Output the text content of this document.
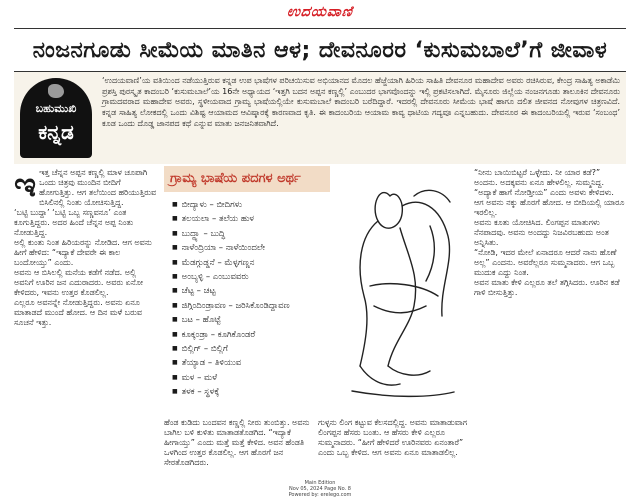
ಉದಯವಾಣಿ
ನಂಜನಗೂಡು ಸೀಮೆಯ ಮಾತಿನ ಆಳ; ದೇವನೂರರ ‘ಕುಸುಮಬಾಲೆ’ಗೆ ಜೀವಾಳ
ಬಹುಮುಖಿ
ಕನ್ನಡ
‘ಉದಯವಾಣಿ’ಯ ವತಿಯಿಂದ ನಡೆಯುತ್ತಿರುವ ಕನ್ನಡ ಉಪ ಭಾಷೆಗಳ ಪರಿಚಯಿಸುವ ಅಭಿಯಾನದ ಮೊದಲ ಹೆಜ್ಜೆಯಾಗಿ ಹಿರಿಯ ಸಾಹಿತಿ ದೇವನೂರ ಮಹಾದೇವ ಅವರು ರಚಿಸಿರುವ, ಕೇಂದ್ರ ಸಾಹಿತ್ಯ ಅಕಾಡೆಮಿ ಪ್ರಶಸ್ತಿ ಪುರಸ್ಕೃತ ಕಾದಂಬರಿ ‘ಕುಸುಮಬಾಲೆ’ಯ 16ನೇ ಅಧ್ಯಾಯದ ‘ಇತ್ತಗಿ ಬದನ ಅಪ್ಪನ ಕಣ್ಣಲ್ಲಿ’ ಎಂಬುದರ ಭಾಗವೊಂದನ್ನು ಇಲ್ಲಿ ಪ್ರಕಟಿಸಲಾಗಿದೆ. ಮೈಸೂರು ಜಿಲ್ಲೆಯ ನಂಜನಗೂಡು ತಾಲೂಕಿನ ದೇವನೂರು ಗ್ರಾಮದವರಾದ ಮಹಾದೇವ ಅವರು, ಸ್ಥಳೀಯವಾದ ಗ್ರಾಮ್ಯ ಭಾಷೆಯಲ್ಲಿಯೇ ಕುಸುಮಬಾಲೆ ಕಾದಂಬರಿ ಬರೆದಿದ್ದಾರೆ. ಇದರಲ್ಲಿ ದೇವನೂರು ಸೀಮೆಯ ಭಾಷೆ ಹಾಗೂ ದಲಿತ ಜೀವನದ ನೋವುಗಳ ಚಿತ್ರಣವಿದೆ. ಕನ್ನಡ ಸಾಹಿತ್ಯ ಲೋಕದಲ್ಲಿ ಒಂದು ವಿಶಿಷ್ಟ ಆಯಾಮದ ಆವಿಷ್ಕಾರಕ್ಕೆ ಕಾರಣವಾದ ಕೃತಿ. ಈ ಕಾದಂಬರಿಯ ಆಯಾಮ ಕಾವ್ಯ ಧಾಟಿಯ ಗದ್ಯವೂ ಎನ್ನಬಹುದು. ದೇವನೂರ ಈ ಕಾದಂಬರಿಯಲ್ಲಿ ಇರುವ ‘ಸಂಬಂಧ’ ಕೂಡ ಒಂದು ದೊಡ್ಡ ಜಾನಪದ ಕಥೆ ಎನ್ನುವ ಮಾತು ಜನಜನಿತವಾಗಿದೆ.

ಇಇತ್ತ ಚೆನ್ನನ ಅಪ್ಪನ ಕಣ್ಣಲ್ಲಿ ಮಾಳ ಚೂಪಾಗಿ ಒಂದು ಚಿತ್ರವು ಮುಂದಿನ ಬೀದಿಗೆ ಹೋಗುತ್ತಿತ್ತು. ಆಗ ತಲೆಯಿಂದ ಹರಿಯುತ್ತಿರುವ ಬಿಸಿಲಿನಲ್ಲಿ ನಿಂತು ಯೋಚಿಸುತ್ತಿದ್ದ.

‘ಬಟ್ಟಿ ಬುದ್ದಾ’ ‘ಬಟ್ಟಿ ಒಬ್ಬ ಸಣ್ಣವನೂ’ ಎಂತ ಕೂಗುತ್ತಿದ್ದರು. ಅದರ ಹಿಂದೆ ಚೆನ್ನನ ಅಪ್ಪ ನಿಂತು ನೋಡುತ್ತಿದ್ದ.

ಅಲ್ಲಿ ಕುಂತು ನಿಂತ ಹಿರಿಯರನ್ನು ನೋಡಿದ. ಆಗ ಅವನು ಹೀಗೆ ಹೇಳಿದ: “ಇದ್ಯಾಕೆ ದೇವರೇ ಈ ಕಾಲ ಬಂದೋಯ್ತು” ಎಂದು.

ಅವನು ಆ ಬಿಸಿಲಲ್ಲಿ ಮನೆಯ ಕಡೆಗೆ ನಡೆದ. ಅಲ್ಲಿ ಅವನಿಗೆ ಊರಿನ ಜನ ಎದುರಾದರು. ಅವರು ಏನೋ ಕೇಳಿದರು, ಇವನು ಉತ್ತರ ಕೊಡಲಿಲ್ಲ.

ಎಲ್ಲರೂ ಅವನನ್ನೇ ನೋಡುತ್ತಿದ್ದರು. ಅವನು ಏನೂ ಮಾತಾಡದೆ ಮುಂದೆ ಹೋದ. ಆ ದಿನ ಮಳೆ ಬರುವ ಸೂಚನೆ ಇತ್ತು.

ಗ್ರಾಮ್ಯ ಭಾಷೆಯ ಪದಗಳ ಅರ್ಥ
■ ಬೀದ್ಯಾಳು – ಬೀದಿಗಳು
■ ತಲಯಲಾ – ತಲೆಯ ಹುಳ
■ ಬುದ್ಧ್ಯಾ – ಬುದ್ಧಿ
■ ನಾಳೆಂದ್ರಿಯಾ – ನಾಳೆಯಿಂದಲೇ
■ ಮೆಡಗ್ಗುಡ್ಡನೆ – ಮೆಳ್ಳಗಣ್ಣನ
■ ಅಂಬ್ಯಳ್ಳಿ – ಎಂಬುವವರು
■ ಚೆಟ್ಟ – ಚಟ್ಟ
■ ಜಿಗ್ಗಿಂದಿಂಡ್ರಾವಣ – ಜರಿಸಿಕೊಂಡಿದ್ದಾವಣ
■ ಬಟ – ಹೊಟ್ಟೆ
■ ಕೂಕ್ಕಂಡ್ರಾ – ಕೂಗಿಕೊಂಡರೆ
■ ಬಿಲ್ಲಿಗ್ – ಬಿಲ್ಲಿಗೆ
■ ತೆಯ್ಯಾಡ – ತಿಳಿಯುವ
■ ಮಳ – ಮಳೆ
■ ತಳಕ – ಸ್ಥಳಕ್ಕೆ

“ನೀನು ಬಾಯಿಬಿಟ್ಟರೆ ಒಳ್ಳೇದು. ನೀ ಯಾರ ಕಡೆ?” ಅಂದನು. ಅದಕ್ಕವನು ಏನೂ ಹೇಳಲಿಲ್ಲ. ಸುಮ್ಮನಿದ್ದ.

“ಅದ್ಯಾಕೆ ಹಾಗೆ ನೋಡ್ತೀಯ” ಎಂದು ಅವಳು ಕೇಳಿದಳು. ಆಗ ಅವನು ನಕ್ಕು ಹೊರಗೆ ಹೋದ. ಆ ಬೀದಿಯಲ್ಲಿ ಯಾರೂ ಇರಲಿಲ್ಲ.

ಅವನು ಕೂತು ಯೋಚಿಸಿದ. ಲಿಂಗಪ್ಪನ ಮಾತುಗಳು ನೆನಪಾದವು. ಅವನು ಅಂದದ್ದು ನಿಜವಿರಬಹುದು ಅಂತ ಅನ್ನಿಸಿತು.

“ನೋಡಿ, ಇದರ ಮೇಲೆ ಏನಾದರೂ ಆದರೆ ನಾನು ಹೊಣೆ ಅಲ್ಲ” ಎಂದನು. ಅವರೆಲ್ಲರೂ ಸುಮ್ಮನಾದರು. ಆಗ ಒಬ್ಬ ಮುದುಕ ಎದ್ದು ನಿಂತ.

ಅವನ ಮಾತು ಕೇಳಿ ಎಲ್ಲರೂ ತಲೆ ತಗ್ಗಿಸಿದರು. ಊರಿನ ಕಡೆ ಗಾಳಿ ಬೀಸುತ್ತಿತ್ತು.

ಹೆಂಡ ಕುಡಿದು ಬಂದವನ ಕಣ್ಣಲ್ಲಿ ನೀರು ತುಂಬಿತ್ತು. ಅವನು ಬಾಗಿಲ ಬಳಿ ಕುಳಿತು ಮಾತಾಡತೊಡಗಿದ. “ಇದ್ಯಾಕೆ ಹೀಗಾಯ್ತು” ಎಂದು ಮತ್ತೆ ಮತ್ತೆ ಕೇಳಿದ. ಅವನ ಹೆಂಡತಿ ಒಳಗಿಂದ ಉತ್ತರ ಕೊಡಲಿಲ್ಲ. ಆಗ ಹೊರಗೆ ಜನ ಸೇರತೊಡಗಿದರು.

ಗುಳ್ಳನು ಲಿಂಗ ಕಟ್ಟುವ ಕೆಲಸದಲ್ಲಿದ್ದ. ಅವನು ಮಾತಾಡುವಾಗ ಲಿಂಗಪ್ಪನ ಹೆಸರು ಬಂತು. ಆ ಹೆಸರು ಕೇಳಿ ಎಲ್ಲರೂ ಸುಮ್ಮನಾದರು. “ಹೀಗೆ ಹೇಳಿದರೆ ಊರಿನವರು ಏನಂತಾರೆ” ಎಂದು ಒಬ್ಬ ಕೇಳಿದ. ಆಗ ಅವನು ಏನೂ ಮಾತಾಡಲಿಲ್ಲ.

Main Edition
Nov 05, 2024 Page No. 8
Powered by: erelego.com
